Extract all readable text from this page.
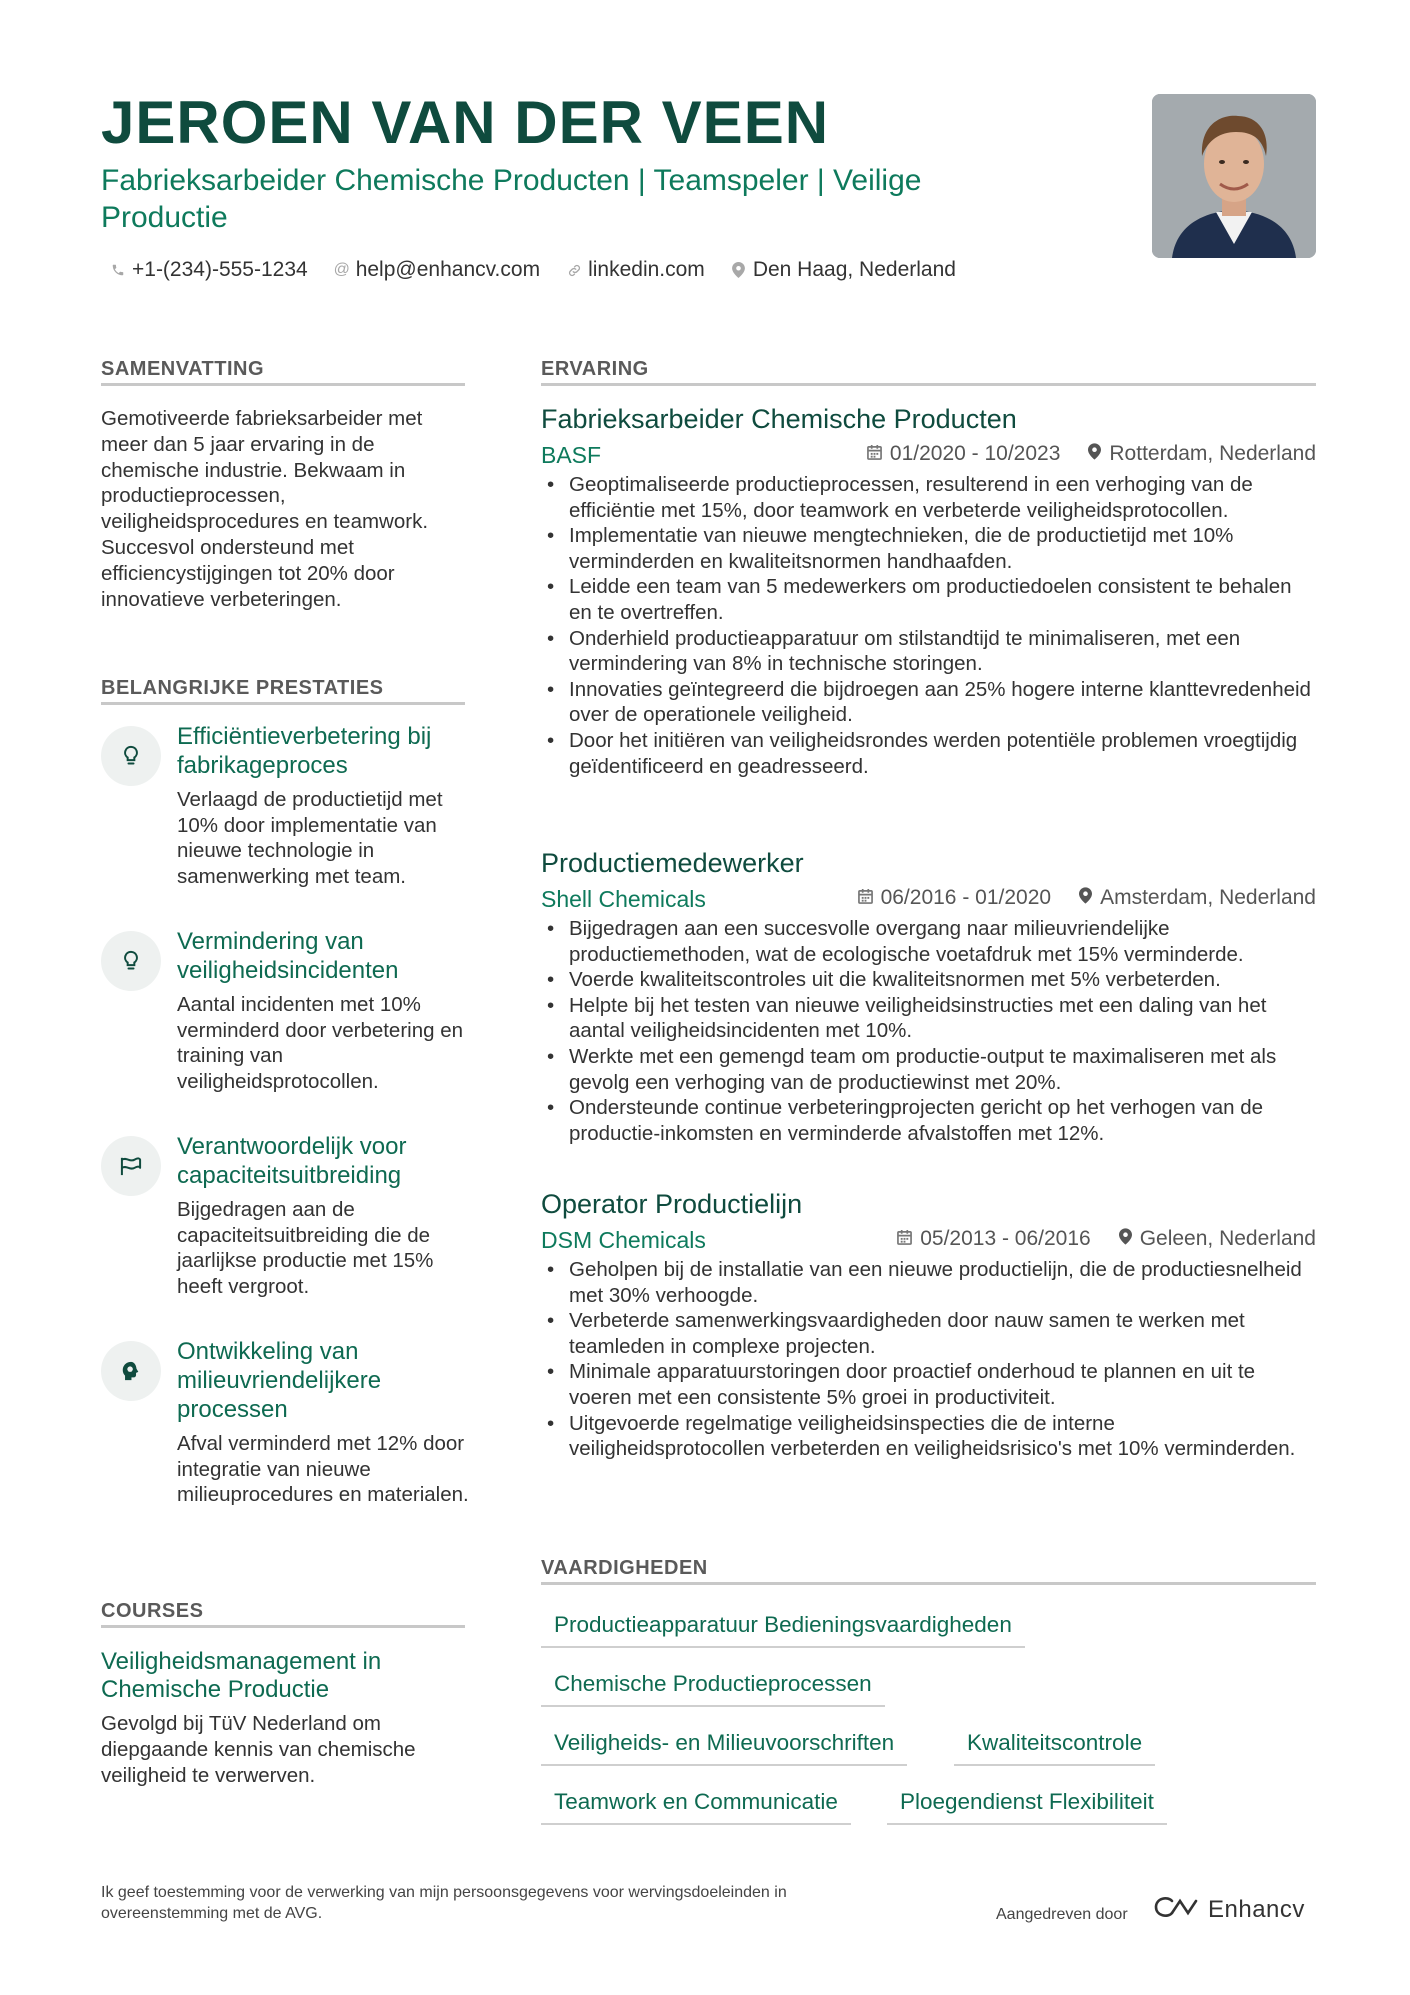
JEROEN VAN DER VEEN

Fabrieksarbeider Chemische Producten | Teamspeler | Veilige Productie

+1-(234)-555-1234 @ help@enhancv.com linkedin.com Den Haag, Nederland
SAMENVATTING

Gemotiveerde fabrieksarbeider met meer dan 5 jaar ervaring in de chemische industrie. Bekwaam in productieprocessen, veiligheidsprocedures en teamwork. Succesvol ondersteund met efficiencystijgingen tot 20% door innovatieve verbeteringen.

BELANGRIJKE PRESTATIES

Efficiëntieverbetering bij fabrikageproces

Verlaagd de productietijd met 10% door implementatie van nieuwe technologie in samenwerking met team.

Vermindering van veiligheidsincidenten

Aantal incidenten met 10% verminderd door verbetering en training van veiligheidsprotocollen.

Verantwoordelijk voor capaciteitsuitbreiding

Bijgedragen aan de capaciteitsuitbreiding die de jaarlijkse productie met 15% heeft vergroot.

Ontwikkeling van milieuvriendelijkere processen

Afval verminderd met 12% door integratie van nieuwe milieuprocedures en materialen.

COURSES

Veiligheidsmanagement in Chemische Productie

Gevolgd bij TüV Nederland om diepgaande kennis van chemische veiligheid te verwerven.

ERVARING

Fabrieksarbeider Chemische Producten

BASF	01/2020 - 10/2023 Rotterdam, Nederland
• Geoptimaliseerde productieprocessen, resulterend in een verhoging van de efficiëntie met 15%, door teamwork en verbeterde veiligheidsprotocollen.
• Implementatie van nieuwe mengtechnieken, die de productietijd met 10% verminderden en kwaliteitsnormen handhaafden.
• Leidde een team van 5 medewerkers om productiedoelen consistent te behalen en te overtreffen.
• Onderhield productieapparatuur om stilstandtijd te minimaliseren, met een vermindering van 8% in technische storingen.
• Innovaties geïntegreerd die bijdroegen aan 25% hogere interne klanttevredenheid over de operationele veiligheid.
• Door het initiëren van veiligheidsrondes werden potentiële problemen vroegtijdig geïdentificeerd en geadresseerd.

Productiemedewerker

Shell Chemicals	06/2016 - 01/2020 Amsterdam, Nederland
• Bijgedragen aan een succesvolle overgang naar milieuvriendelijke productiemethoden, wat de ecologische voetafdruk met 15% verminderde.
• Voerde kwaliteitscontroles uit die kwaliteitsnormen met 5% verbeterden.
• Helpte bij het testen van nieuwe veiligheidsinstructies met een daling van het aantal veiligheidsincidenten met 10%.
• Werkte met een gemengd team om productie-output te maximaliseren met als gevolg een verhoging van de productiewinst met 20%.
• Ondersteunde continue verbeteringprojecten gericht op het verhogen van de productie-inkomsten en verminderde afvalstoffen met 12%.

Operator Productielijn

DSM Chemicals	05/2013 - 06/2016 Geleen, Nederland
• Geholpen bij de installatie van een nieuwe productielijn, die de productiesnelheid met 30% verhoogde.
• Verbeterde samenwerkingsvaardigheden door nauw samen te werken met teamleden in complexe projecten.
• Minimale apparatuurstoringen door proactief onderhoud te plannen en uit te voeren met een consistente 5% groei in productiviteit.
• Uitgevoerde regelmatige veiligheidsinspecties die de interne veiligheidsprotocollen verbeterden en veiligheidsrisico's met 10% verminderden.
VAARDIGHEDEN
Productieapparatuur Bedieningsvaardigheden
Chemische Productieprocessen
Veiligheids- en Milieuvoorschriften	Kwaliteitscontrole
Teamwork en Communicatie	Ploegendienst Flexibiliteit

Ik geef toestemming voor de verwerking van mijn persoonsgegevens voor wervingsdoeleinden in overeenstemming met de AVG.	Aangedreven door	Enhancv
